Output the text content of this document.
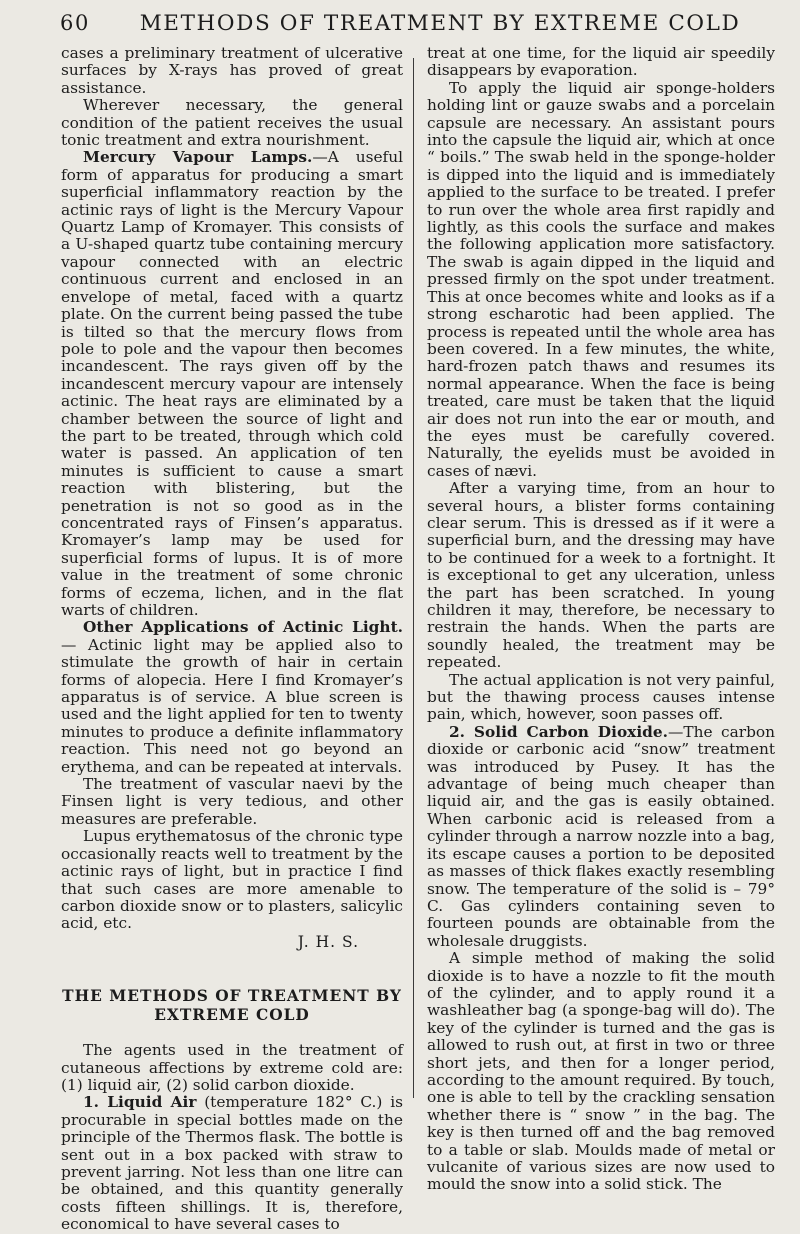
60	METHODS OF TREATMENT BY EXTREME COLD

cases a preliminary treatment of ulcerative surfaces by X-rays has proved of great assistance.

Wherever necessary, the general condition of the patient receives the usual tonic treatment and extra nourishment.

Mercury Vapour Lamps.—A useful form of apparatus for producing a smart superficial inflammatory reaction by the actinic rays of light is the Mercury Vapour Quartz Lamp of Kromayer. This consists of a U-shaped quartz tube containing mercury vapour connected with an electric continuous current and enclosed in an envelope of metal, faced with a quartz plate. On the current being passed the tube is tilted so that the mercury flows from pole to pole and the vapour then becomes incandescent. The rays given off by the incandescent mercury vapour are intensely actinic. The heat rays are eliminated by a chamber between the source of light and the part to be treated, through which cold water is passed. An application of ten minutes is sufficient to cause a smart reaction with blistering, but the penetration is not so good as in the concentrated rays of Finsen’s apparatus. Kromayer’s lamp may be used for superficial forms of lupus. It is of more value in the treatment of some chronic forms of eczema, lichen, and in the flat warts of children.

Other Applications of Actinic Light. — Actinic light may be applied also to stimulate the growth of hair in certain forms of alopecia. Here I find Kromayer’s apparatus is of service. A blue screen is used and the light applied for ten to twenty minutes to produce a definite inflammatory reaction. This need not go beyond an erythema, and can be repeated at intervals.

The treatment of vascular naevi by the Finsen light is very tedious, and other measures are preferable.

Lupus erythematosus of the chronic type occasionally reacts well to treatment by the actinic rays of light, but in practice I find that such cases are more amenable to carbon dioxide snow or to plasters, salicylic acid, etc.

J. H. S.
THE METHODS OF TREATMENT BY
EXTREME COLD

The agents used in the treatment of cutaneous affections by extreme cold are: (1) liquid air, (2) solid carbon dioxide.

1. Liquid Air (temperature 182° C.) is procurable in special bottles made on the principle of the Thermos flask. The bottle is sent out in a box packed with straw to prevent jarring. Not less than one litre can be obtained, and this quantity generally costs fifteen shillings. It is, therefore, economical to have several cases to

treat at one time, for the liquid air speedily disappears by evaporation.

To apply the liquid air sponge-holders holding lint or gauze swabs and a porcelain capsule are necessary. An assistant pours into the capsule the liquid air, which at once “ boils.” The swab held in the sponge-holder is dipped into the liquid and is immediately applied to the surface to be treated. I prefer to run over the whole area first rapidly and lightly, as this cools the surface and makes the following application more satisfactory. The swab is again dipped in the liquid and pressed firmly on the spot under treatment. This at once becomes white and looks as if a strong escharotic had been applied. The process is repeated until the whole area has been covered. In a few minutes, the white, hard-frozen patch thaws and resumes its normal appearance. When the face is being treated, care must be taken that the liquid air does not run into the ear or mouth, and the eyes must be carefully covered. Naturally, the eyelids must be avoided in cases of nævi.

After a varying time, from an hour to several hours, a blister forms containing clear serum. This is dressed as if it were a superficial burn, and the dressing may have to be continued for a week to a fortnight. It is exceptional to get any ulceration, unless the part has been scratched. In young children it may, therefore, be necessary to restrain the hands. When the parts are soundly healed, the treatment may be repeated.

The actual application is not very painful, but the thawing process causes intense pain, which, however, soon passes off.

2. Solid Carbon Dioxide.—The carbon dioxide or carbonic acid “snow” treatment was introduced by Pusey. It has the advantage of being much cheaper than liquid air, and the gas is easily obtained. When carbonic acid is released from a cylinder through a narrow nozzle into a bag, its escape causes a portion to be deposited as masses of thick flakes exactly resembling snow. The temperature of the solid is – 79° C. Gas cylinders containing seven to fourteen pounds are obtainable from the wholesale druggists.

A simple method of making the solid dioxide is to have a nozzle to fit the mouth of the cylinder, and to apply round it a washleather bag (a sponge-bag will do). The key of the cylinder is turned and the gas is allowed to rush out, at first in two or three short jets, and then for a longer period, according to the amount required. By touch, one is able to tell by the crackling sensation whether there is “ snow ” in the bag. The key is then turned off and the bag removed to a table or slab. Moulds made of metal or vulcanite of various sizes are now used to mould the snow into a solid stick. The
